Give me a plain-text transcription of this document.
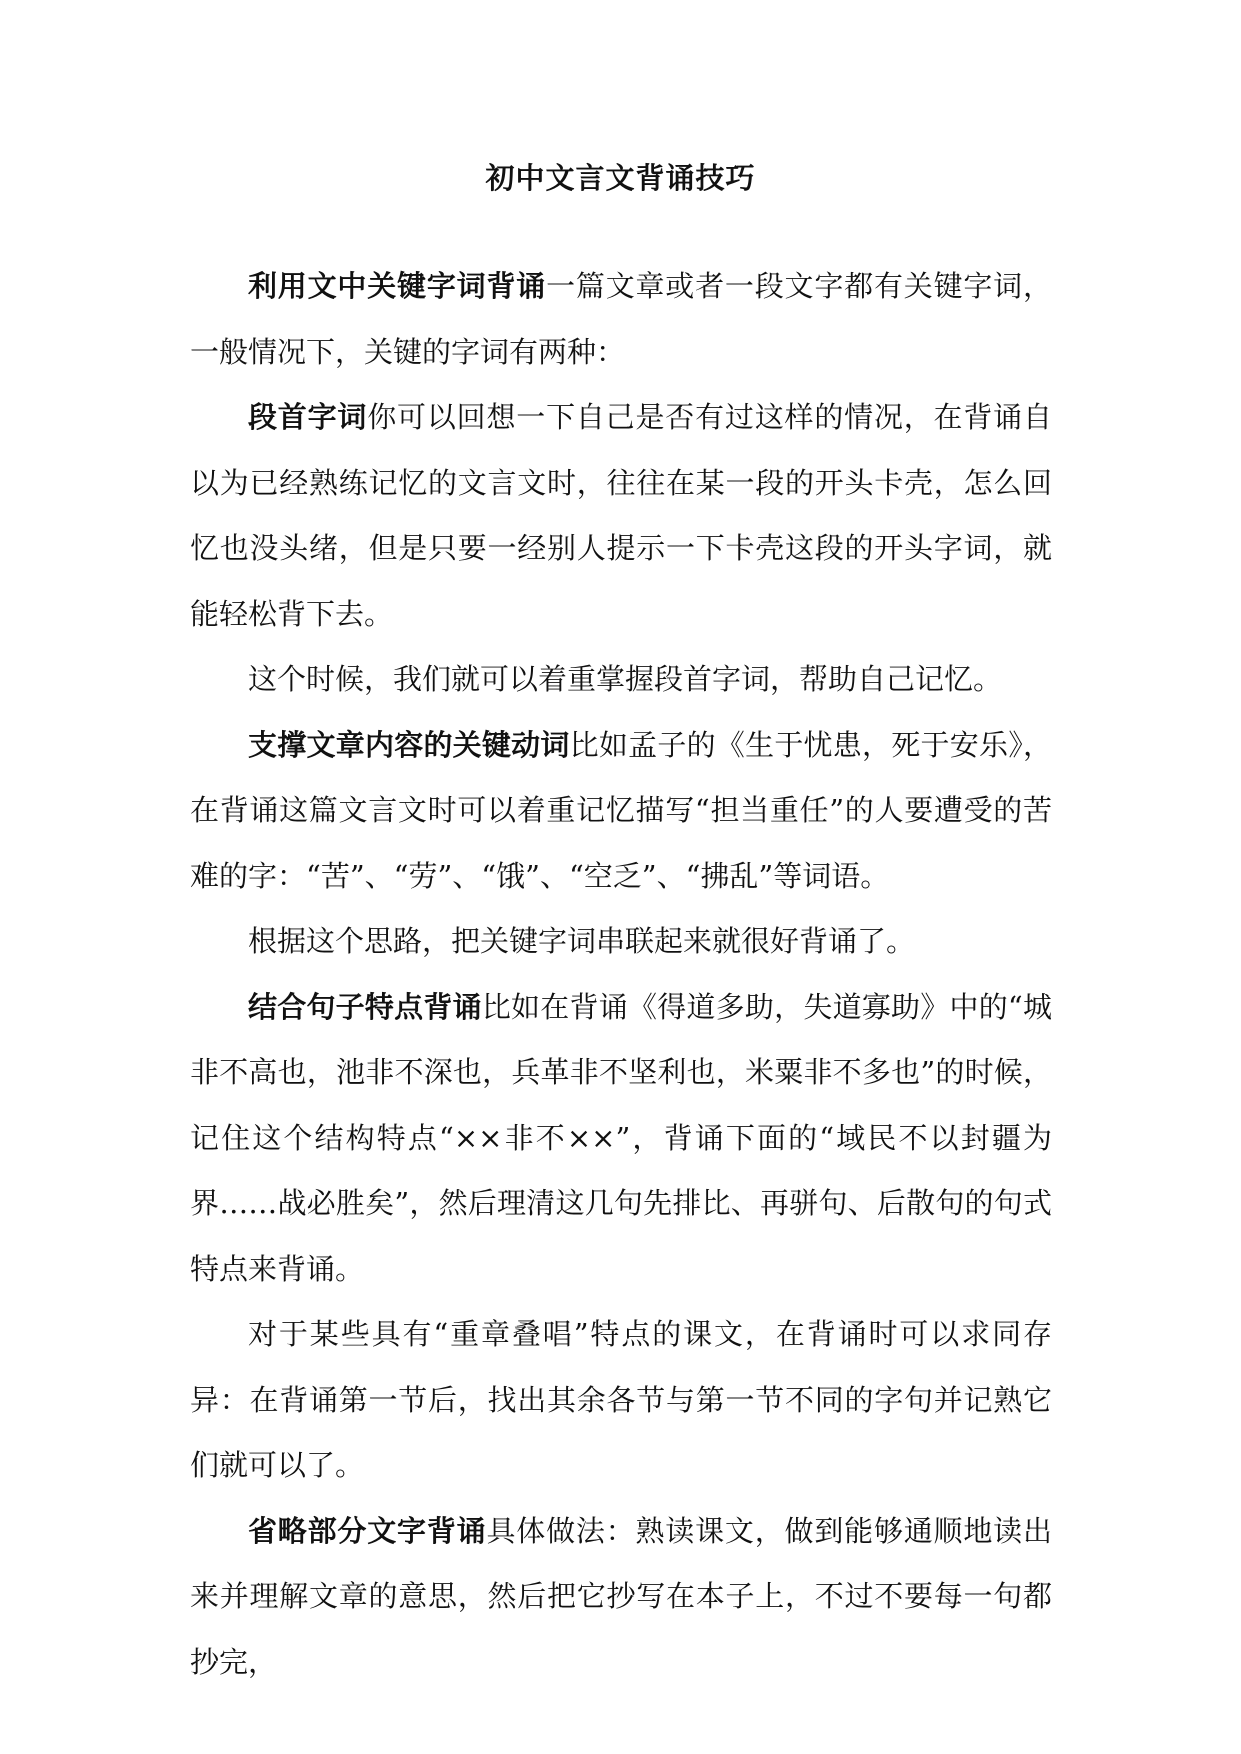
初中文言文背诵技巧

利用文中关键字词背诵一篇文章或者一段文字都有关键字词，一般情况下，关键的字词有两种：

段首字词你可以回想一下自己是否有过这样的情况，在背诵自以为已经熟练记忆的文言文时，往往在某一段的开头卡壳，怎么回忆也没头绪，但是只要一经别人提示一下卡壳这段的开头字词，就能轻松背下去。

这个时候，我们就可以着重掌握段首字词，帮助自己记忆。

支撑文章内容的关键动词比如孟子的《生于忧患，死于安乐》，在背诵这篇文言文时可以着重记忆描写“担当重任”的人要遭受的苦难的字：“苦”、“劳”、“饿”、“空乏”、“拂乱”等词语。

根据这个思路，把关键字词串联起来就很好背诵了。

结合句子特点背诵比如在背诵《得道多助，失道寡助》中的“城非不高也，池非不深也，兵革非不坚利也，米粟非不多也”的时候，记住这个结构特点“××非不××”，背诵下面的“域民不以封疆为界……战必胜矣”，然后理清这几句先排比、再骈句、后散句的句式特点来背诵。

对于某些具有“重章叠唱”特点的课文，在背诵时可以求同存异：在背诵第一节后，找出其余各节与第一节不同的字句并记熟它们就可以了。

省略部分文字背诵具体做法：熟读课文，做到能够通顺地读出来并理解文章的意思，然后把它抄写在本子上，不过不要每一句都抄完，
